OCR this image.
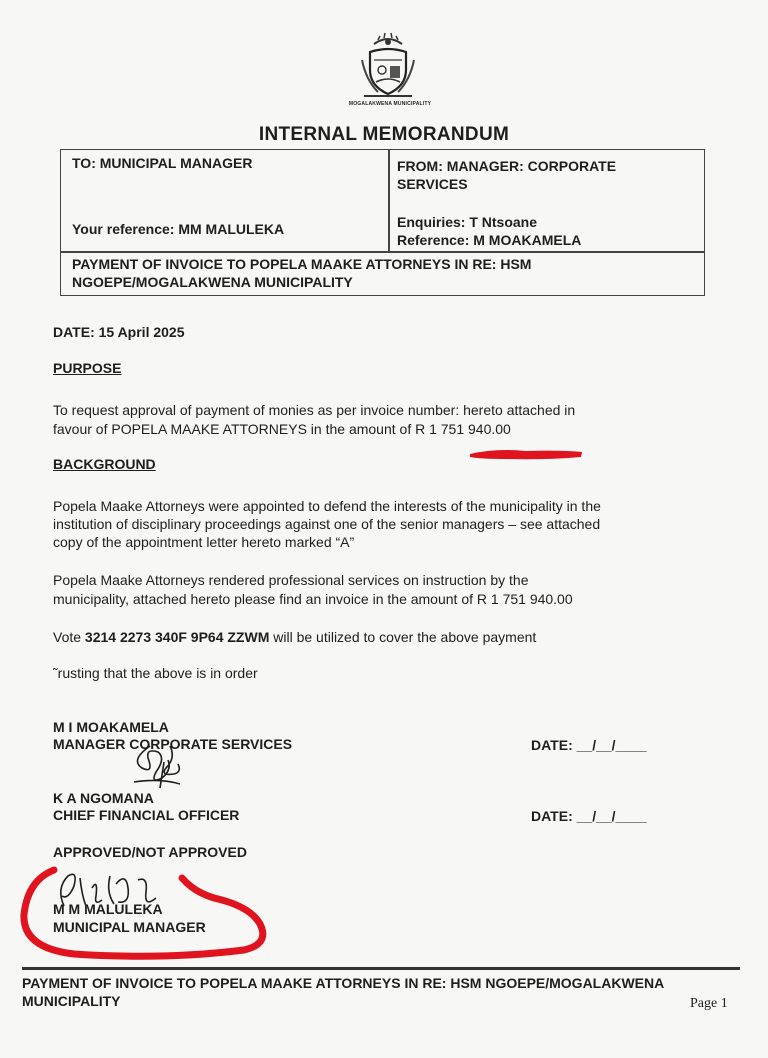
MOGALAKWENA MUNICIPALITY
INTERNAL MEMORANDUM
TO: MUNICIPAL MANAGER	FROM: MANAGER: CORPORATE
SERVICES
Your reference: MM MALULEKA	Enquiries: T Ntsoane
Reference: M MOAKAMELA
PAYMENT OF INVOICE TO POPELA MAAKE ATTORNEYS IN RE: HSM
NGOEPE/MOGALAKWENA MUNICIPALITY
DATE: 15 April 2025
PURPOSE
To request approval of payment of monies as per invoice number: hereto attached in
favour of POPELA MAAKE ATTORNEYS in the amount of R 1 751 940.00
BACKGROUND
Popela Maake Attorneys were appointed to defend the interests of the municipality in the
institution of disciplinary proceedings against one of the senior managers – see attached
copy of the appointment letter hereto marked “A”
Popela Maake Attorneys rendered professional services on instruction by the
municipality, attached hereto please find an invoice in the amount of R 1 751 940.00
Vote 3214 2273 340F 9P64 ZZWM will be utilized to cover the above payment
˜rusting that the above is in order
M I MOAKAMELA
MANAGER CORPORATE SERVICES	DATE: __/__/____
K A NGOMANA
CHIEF FINANCIAL OFFICER	DATE: __/__/____
APPROVED/NOT APPROVED
M M MALULEKA
MUNICIPAL MANAGER
PAYMENT OF INVOICE TO POPELA MAAKE ATTORNEYS IN RE: HSM NGOEPE/MOGALAKWENA
MUNICIPALITY	Page 1
